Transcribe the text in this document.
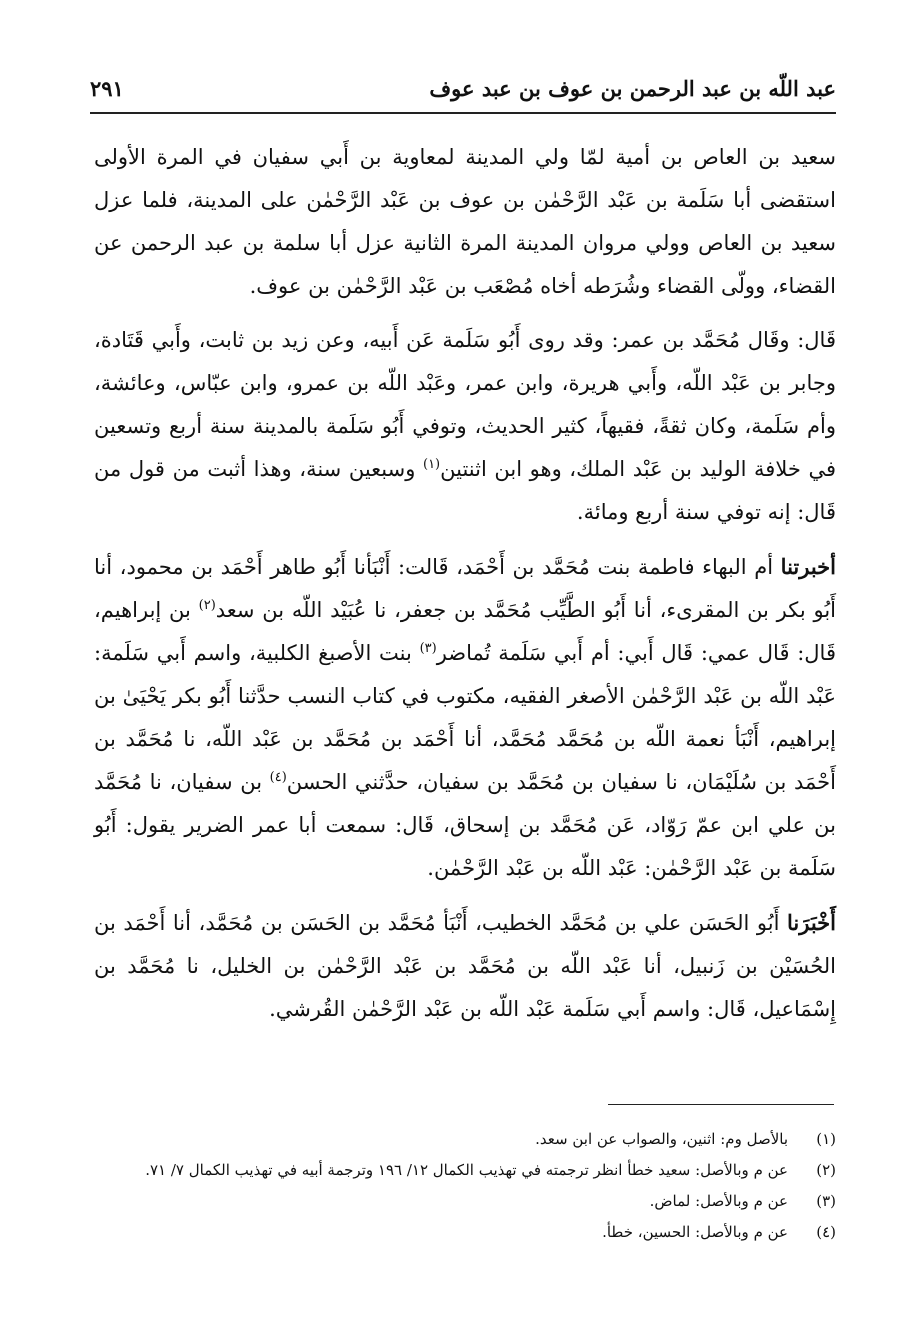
عبد اللّه بن عبد الرحمن بن عوف بن عبد عوف
٢٩١

سعيد بن العاص بن أمية لمّا ولي المدينة لمعاوية بن أَبي سفيان في المرة الأولى استقضى أبا سَلَمة بن عَبْد الرَّحْمٰن بن عوف بن عَبْد الرَّحْمٰن على المدينة، فلما عزل سعيد بن العاص وولي مروان المدينة المرة الثانية عزل أبا سلمة بن عبد الرحمن عن القضاء، وولّى القضاء وشُرَطه أخاه مُصْعَب بن عَبْد الرَّحْمٰن بن عوف.

قَال: وقَال مُحَمَّد بن عمر: وقد روى أَبُو سَلَمة عَن أَبيه، وعن زيد بن ثابت، وأَبي قَتَادة، وجابر بن عَبْد اللّه، وأَبي هريرة، وابن عمر، وعَبْد اللّه بن عمرو، وابن عبّاس، وعائشة، وأم سَلَمة، وكان ثقةً، فقيهاً، كثير الحديث، وتوفي أَبُو سَلَمة بالمدينة سنة أربع وتسعين في خلافة الوليد بن عَبْد الملك، وهو ابن اثنتين$^{(١)}$ وسبعين سنة، وهذا أثبت من قول من قَال: إنه توفي سنة أربع ومائة.

أخبرتنا أم البهاء فاطمة بنت مُحَمَّد بن أَحْمَد، قَالت: أَنْبَأنا أَبُو طاهر أَحْمَد بن محمود، أنا أَبُو بكر بن المقرىء، أنا أَبُو الطَّيِّب مُحَمَّد بن جعفر، نا عُبَيْد اللّه بن سعد$^{(٢)}$ بن إبراهيم، قَال: قَال عمي: قَال أَبي: أم أَبي سَلَمة تُماضر$^{(٣)}$ بنت الأصبغ الكلبية، واسم أَبي سَلَمة: عَبْد اللّه بن عَبْد الرَّحْمٰن الأصغر الفقيه، مكتوب في كتاب النسب حدَّثنا أَبُو بكر يَحْيَىٰ بن إبراهيم، أَنْبَأ نعمة اللّه بن مُحَمَّد مُحَمَّد، أنا أَحْمَد بن مُحَمَّد بن عَبْد اللّه، نا مُحَمَّد بن أَحْمَد بن سُلَيْمَان، نا سفيان بن مُحَمَّد بن سفيان، حدَّثني الحسن$^{(٤)}$ بن سفيان، نا مُحَمَّد بن علي ابن عمّ رَوّاد، عَن مُحَمَّد بن إسحاق، قَال: سمعت أبا عمر الضرير يقول: أَبُو سَلَمة بن عَبْد الرَّحْمٰن: عَبْد اللّه بن عَبْد الرَّحْمٰن.

أَخْبَرَنا أَبُو الحَسَن علي بن مُحَمَّد الخطيب، أَنْبَأ مُحَمَّد بن الحَسَن بن مُحَمَّد، أنا أَحْمَد بن الحُسَيْن بن زَنبيل، أنا عَبْد اللّه بن مُحَمَّد بن عَبْد الرَّحْمٰن بن الخليل، نا مُحَمَّد بن إِسْمَاعيل، قَال: واسم أَبي سَلَمة عَبْد اللّه بن عَبْد الرَّحْمٰن القُرشي.

(١)
بالأصل وم: اثنين، والصواب عن ابن سعد.
(٢)
عن م وبالأصل: سعيد خطأ انظر ترجمته في تهذيب الكمال ١٢/ ١٩٦ وترجمة أبيه في تهذيب الكمال ٧/ ٧١.
(٣)
عن م وبالأصل: لماض.
(٤)
عن م وبالأصل: الحسين، خطأ.
